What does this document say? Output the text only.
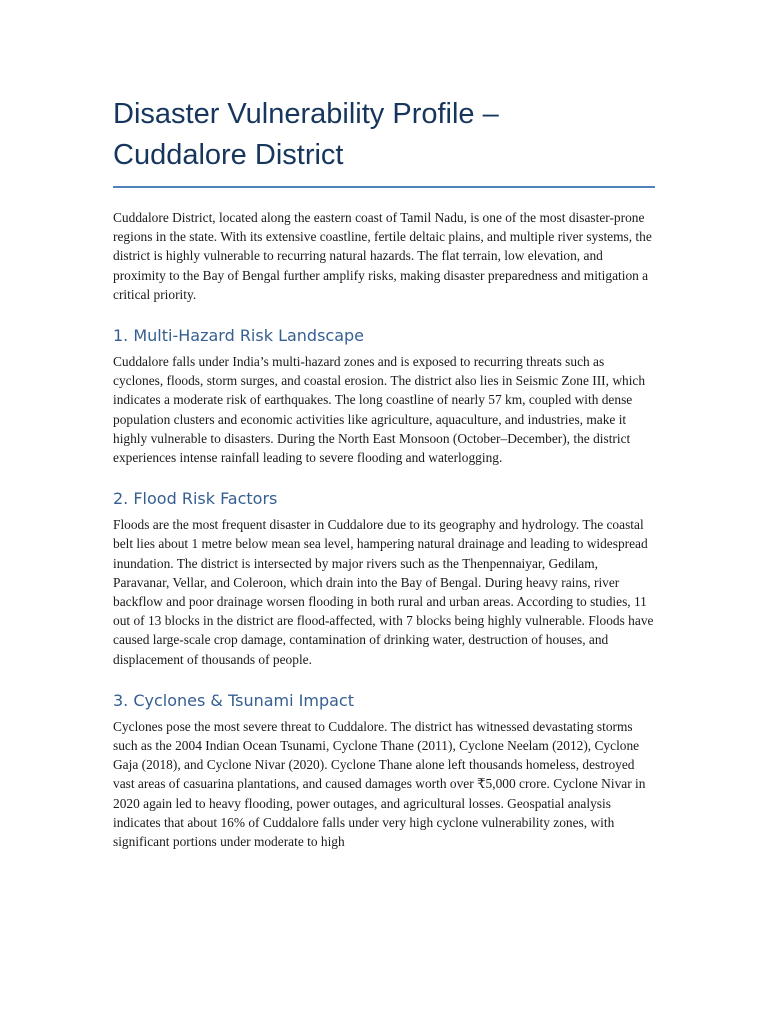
Disaster Vulnerability Profile –
Cuddalore District

Cuddalore District, located along the eastern coast of Tamil Nadu, is one of the most disaster-prone regions in the state. With its extensive coastline, fertile deltaic plains, and multiple river systems, the district is highly vulnerable to recurring natural hazards. The flat terrain, low elevation, and proximity to the Bay of Bengal further amplify risks, making disaster preparedness and mitigation a critical priority.

1. Multi-Hazard Risk Landscape

Cuddalore falls under India’s multi-hazard zones and is exposed to recurring threats such as cyclones, floods, storm surges, and coastal erosion. The district also lies in Seismic Zone III, which indicates a moderate risk of earthquakes. The long coastline of nearly 57 km, coupled with dense population clusters and economic activities like agriculture, aquaculture, and industries, make it highly vulnerable to disasters. During the North East Monsoon (October–December), the district experiences intense rainfall leading to severe flooding and waterlogging.

2. Flood Risk Factors

Floods are the most frequent disaster in Cuddalore due to its geography and hydrology. The coastal belt lies about 1 metre below mean sea level, hampering natural drainage and leading to widespread inundation. The district is intersected by major rivers such as the Thenpennaiyar, Gedilam, Paravanar, Vellar, and Coleroon, which drain into the Bay of Bengal. During heavy rains, river backflow and poor drainage worsen flooding in both rural and urban areas. According to studies, 11 out of 13 blocks in the district are flood-affected, with 7 blocks being highly vulnerable. Floods have caused large-scale crop damage, contamination of drinking water, destruction of houses, and displacement of thousands of people.

3. Cyclones & Tsunami Impact

Cyclones pose the most severe threat to Cuddalore. The district has witnessed devastating storms such as the 2004 Indian Ocean Tsunami, Cyclone Thane (2011), Cyclone Neelam (2012), Cyclone Gaja (2018), and Cyclone Nivar (2020). Cyclone Thane alone left thousands homeless, destroyed vast areas of casuarina plantations, and caused damages worth over ₹5,000 crore. Cyclone Nivar in 2020 again led to heavy flooding, power outages, and agricultural losses. Geospatial analysis indicates that about 16% of Cuddalore falls under very high cyclone vulnerability zones, with significant portions under moderate to high
